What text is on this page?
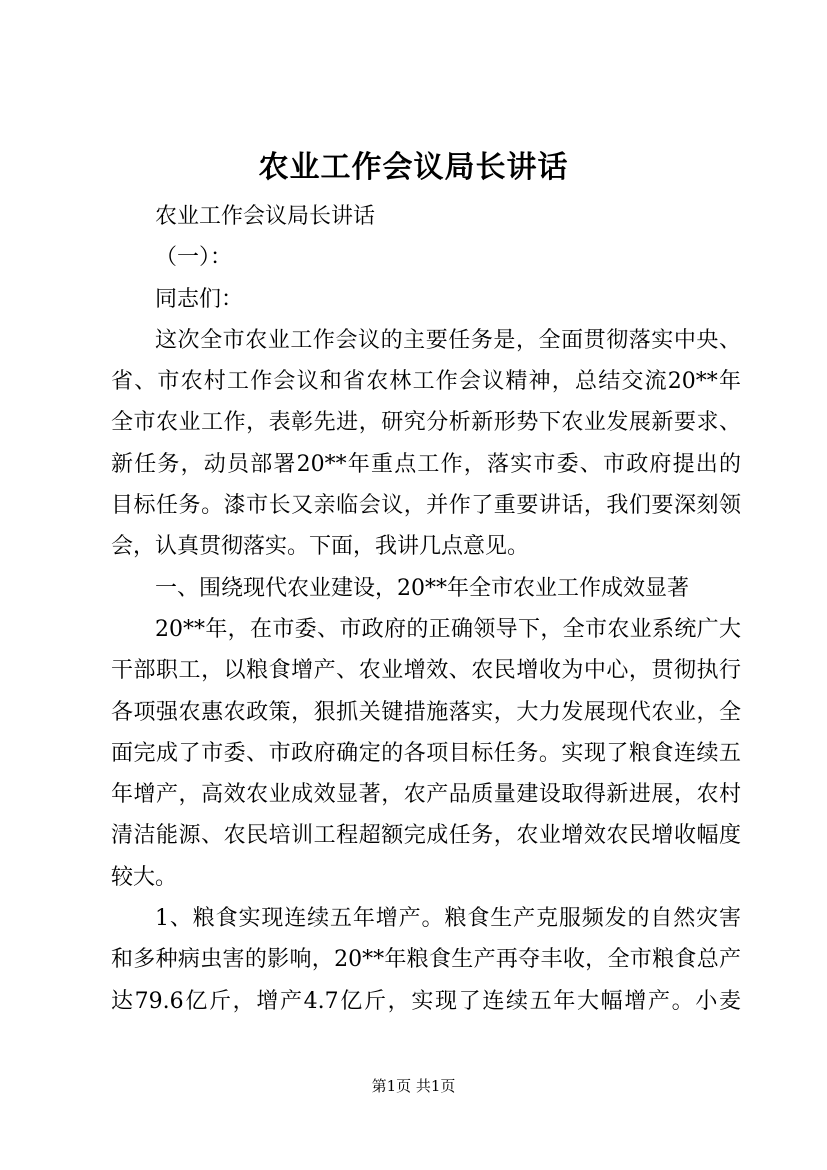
农业工作会议局长讲话
农业工作会议局长讲话
（一）：
同志们：
这次全市农业工作会议的主要任务是，全面贯彻落实中央、
省、市农村工作会议和省农林工作会议精神，总结交流20**年
全市农业工作，表彰先进，研究分析新形势下农业发展新要求、
新任务，动员部署20**年重点工作，落实市委、市政府提出的
目标任务。漆市长又亲临会议，并作了重要讲话，我们要深刻领
会，认真贯彻落实。下面，我讲几点意见。
一、围绕现代农业建设，20**年全市农业工作成效显著
20**年，在市委、市政府的正确领导下，全市农业系统广大
干部职工，以粮食增产、农业增效、农民增收为中心，贯彻执行
各项强农惠农政策，狠抓关键措施落实，大力发展现代农业，全
面完成了市委、市政府确定的各项目标任务。实现了粮食连续五
年增产，高效农业成效显著，农产品质量建设取得新进展，农村
清洁能源、农民培训工程超额完成任务，农业增效农民增收幅度
较大。
1、粮食实现连续五年增产。粮食生产克服频发的自然灾害
和多种病虫害的影响，20**年粮食生产再夺丰收，全市粮食总产
达79.6亿斤，增产4.7亿斤，实现了连续五年大幅增产。小麦
第1页 共1页
